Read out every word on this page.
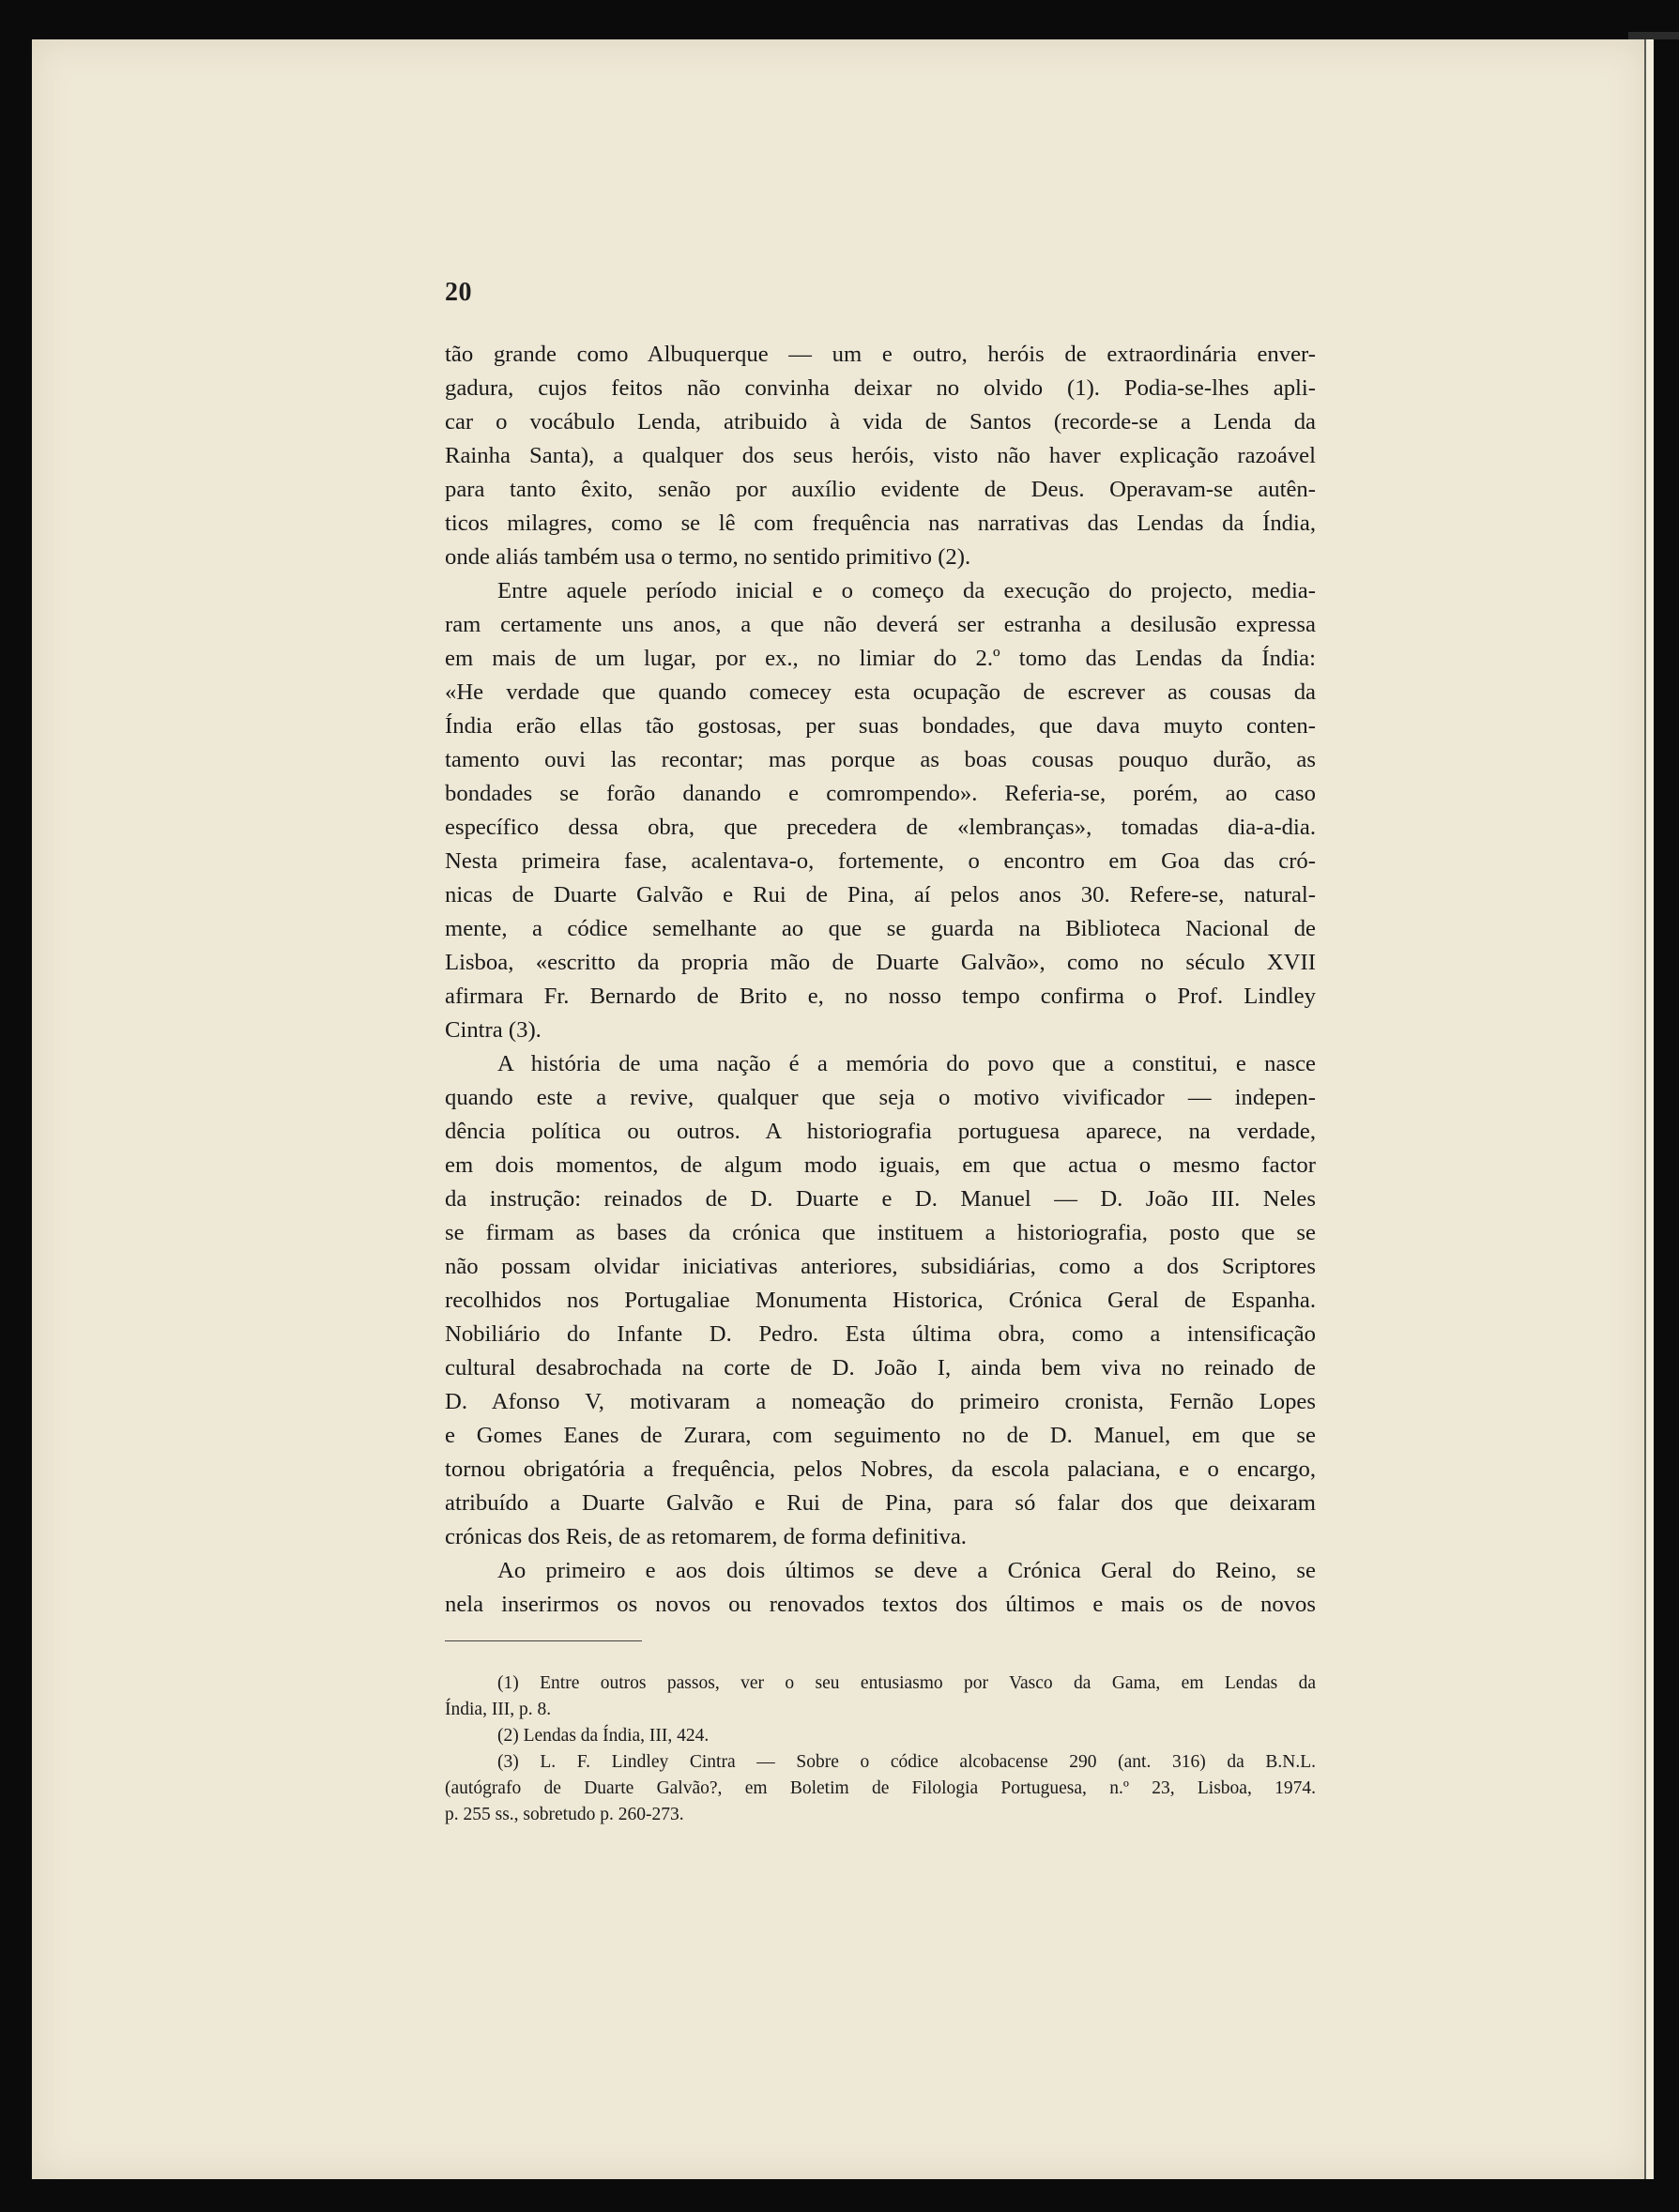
20
tão grande como Albuquerque — um e outro, heróis de extraordinária enver-
gadura, cujos feitos não convinha deixar no olvido (1). Podia-se-lhes apli-
car o vocábulo Lenda, atribuido à vida de Santos (recorde-se a Lenda da
Rainha Santa), a qualquer dos seus heróis, visto não haver explicação razoável
para tanto êxito, senão por auxílio evidente de Deus. Operavam-se autên-
ticos milagres, como se lê com frequência nas narrativas das Lendas da Índia,
onde aliás também usa o termo, no sentido primitivo (2).
Entre aquele período inicial e o começo da execução do projecto, media-
ram certamente uns anos, a que não deverá ser estranha a desilusão expressa
em mais de um lugar, por ex., no limiar do 2.º tomo das Lendas da Índia:
«He verdade que quando comecey esta ocupação de escrever as cousas da
Índia erão ellas tão gostosas, per suas bondades, que dava muyto conten-
tamento ouvi las recontar; mas porque as boas cousas pouquo durão, as
bondades se forão danando e comrompendo». Referia-se, porém, ao caso
específico dessa obra, que precedera de «lembranças», tomadas dia-a-dia.
Nesta primeira fase, acalentava-o, fortemente, o encontro em Goa das cró-
nicas de Duarte Galvão e Rui de Pina, aí pelos anos 30. Refere-se, natural-
mente, a códice semelhante ao que se guarda na Biblioteca Nacional de
Lisboa, «escritto da propria mão de Duarte Galvão», como no século XVII
afirmara Fr. Bernardo de Brito e, no nosso tempo confirma o Prof. Lindley
Cintra (3).
A história de uma nação é a memória do povo que a constitui, e nasce
quando este a revive, qualquer que seja o motivo vivificador — indepen-
dência política ou outros. A historiografia portuguesa aparece, na verdade,
em dois momentos, de algum modo iguais, em que actua o mesmo factor
da instrução: reinados de D. Duarte e D. Manuel — D. João III. Neles
se firmam as bases da crónica que instituem a historiografia, posto que se
não possam olvidar iniciativas anteriores, subsidiárias, como a dos Scriptores
recolhidos nos Portugaliae Monumenta Historica, Crónica Geral de Espanha.
Nobiliário do Infante D. Pedro. Esta última obra, como a intensificação
cultural desabrochada na corte de D. João I, ainda bem viva no reinado de
D. Afonso V, motivaram a nomeação do primeiro cronista, Fernão Lopes
e Gomes Eanes de Zurara, com seguimento no de D. Manuel, em que se
tornou obrigatória a frequência, pelos Nobres, da escola palaciana, e o encargo,
atribuído a Duarte Galvão e Rui de Pina, para só falar dos que deixaram
crónicas dos Reis, de as retomarem, de forma definitiva.
Ao primeiro e aos dois últimos se deve a Crónica Geral do Reino, se
nela inserirmos os novos ou renovados textos dos últimos e mais os de novos
(1) Entre outros passos, ver o seu entusiasmo por Vasco da Gama, em Lendas da
Índia, III, p. 8.
(2) Lendas da Índia, III, 424.
(3) L. F. Lindley Cintra — Sobre o códice alcobacense 290 (ant. 316) da B.N.L.
(autógrafo de Duarte Galvão?, em Boletim de Filologia Portuguesa, n.º 23, Lisboa, 1974.
p. 255 ss., sobretudo p. 260-273.
